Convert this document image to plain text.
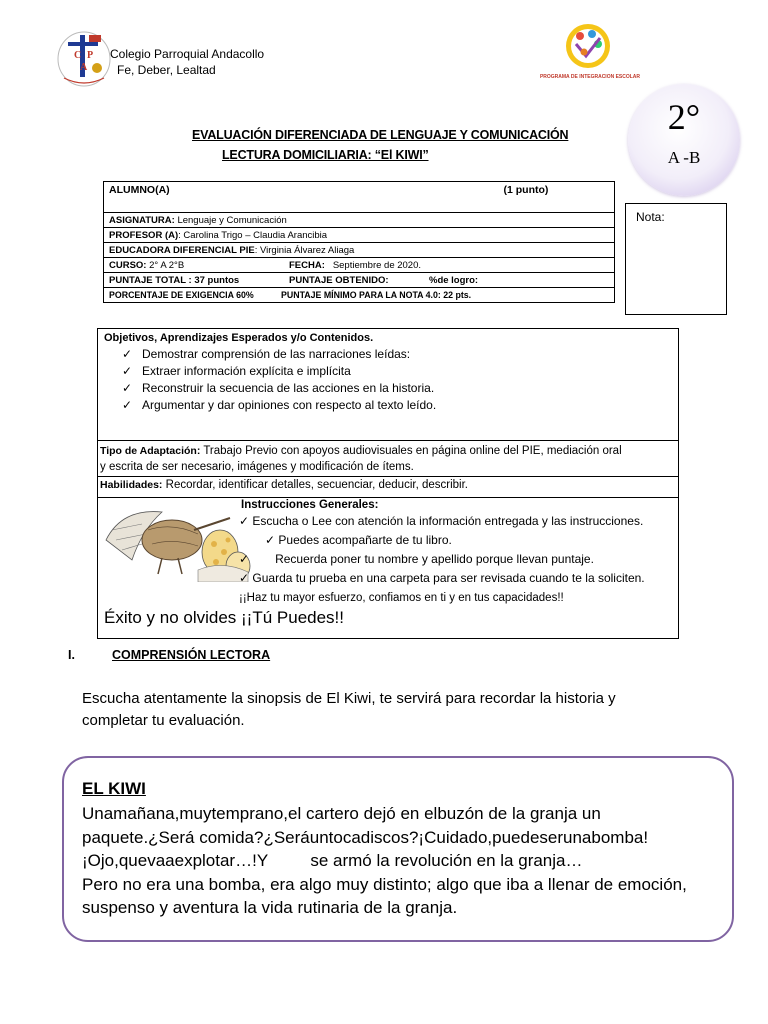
C P
A
Colegio Parroquial Andacollo
Fe, Deber, Lealtad	PROGRAMA DE INTEGRACION ESCOLAR
2°
A -B
EVALUACIÓN DIFERENCIADA DE LENGUAJE Y COMUNICACIÓN
LECTURA DOMICILIARIA: “El KIWI”
ALUMNO(A)	(1 punto)

ASIGNATURA: Lenguaje y Comunicación
PROFESOR (A): Carolina Trigo – Claudia Arancibia
EDUCADORA DIFERENCIAL PIE: Virginia Álvarez Aliaga
CURSO: 2° A 2°B	FECHA: Septiembre de 2020.

PUNTAJE TOTAL : 37 puntos	PUNTAJE OBTENIDO:	%de logro:

PORCENTAJE DE EXIGENCIA 60%	PUNTAJE MÍNIMO PARA LA NOTA 4.0: 22 pts.
Nota:
Objetivos, Aprendizajes Esperados y/o Contenidos.
✓ Demostrar comprensión de las narraciones leídas:
✓ Extraer información explícita e implícita
✓ Reconstruir la secuencia de las acciones en la historia.
✓ Argumentar y dar opiniones con respecto al texto leído.
Tipo de Adaptación: Trabajo Previo con apoyos audiovisuales en página online del PIE, mediación oral
y escrita de ser necesario, imágenes y modificación de ítems.
Habilidades: Recordar, identificar detalles, secuenciar, deducir, describir.
Instrucciones Generales:
✓ Escucha o Lee con atención la información entregada y las instrucciones.
✓ Puedes acompañarte de tu libro.
✓ Recuerda poner tu nombre y apellido porque llevan puntaje.
✓ Guarda tu prueba en una carpeta para ser revisada cuando te la soliciten.
¡¡Haz tu mayor esfuerzo, confiamos en ti y en tus capacidades!!
Éxito y no olvides ¡¡Tú Puedes!!
I.	COMPRENSIÓN LECTORA
Escucha atentamente la sinopsis de El Kiwi, te servirá para recordar la historia y completar tu evaluación.
EL KIWI
Unamañana,muytemprano,el cartero dejó en elbuzón de la granja un
paquete.¿Será comida?¿Seráuntocadiscos?¡Cuidado,puedeserunabomba!
¡Ojo,quevaaexplotar…!Y         se armó la revolución en la granja…
Pero no era una bomba, era algo muy distinto; algo que iba a llenar de emoción,
suspenso y aventura la vida rutinaria de la granja.
